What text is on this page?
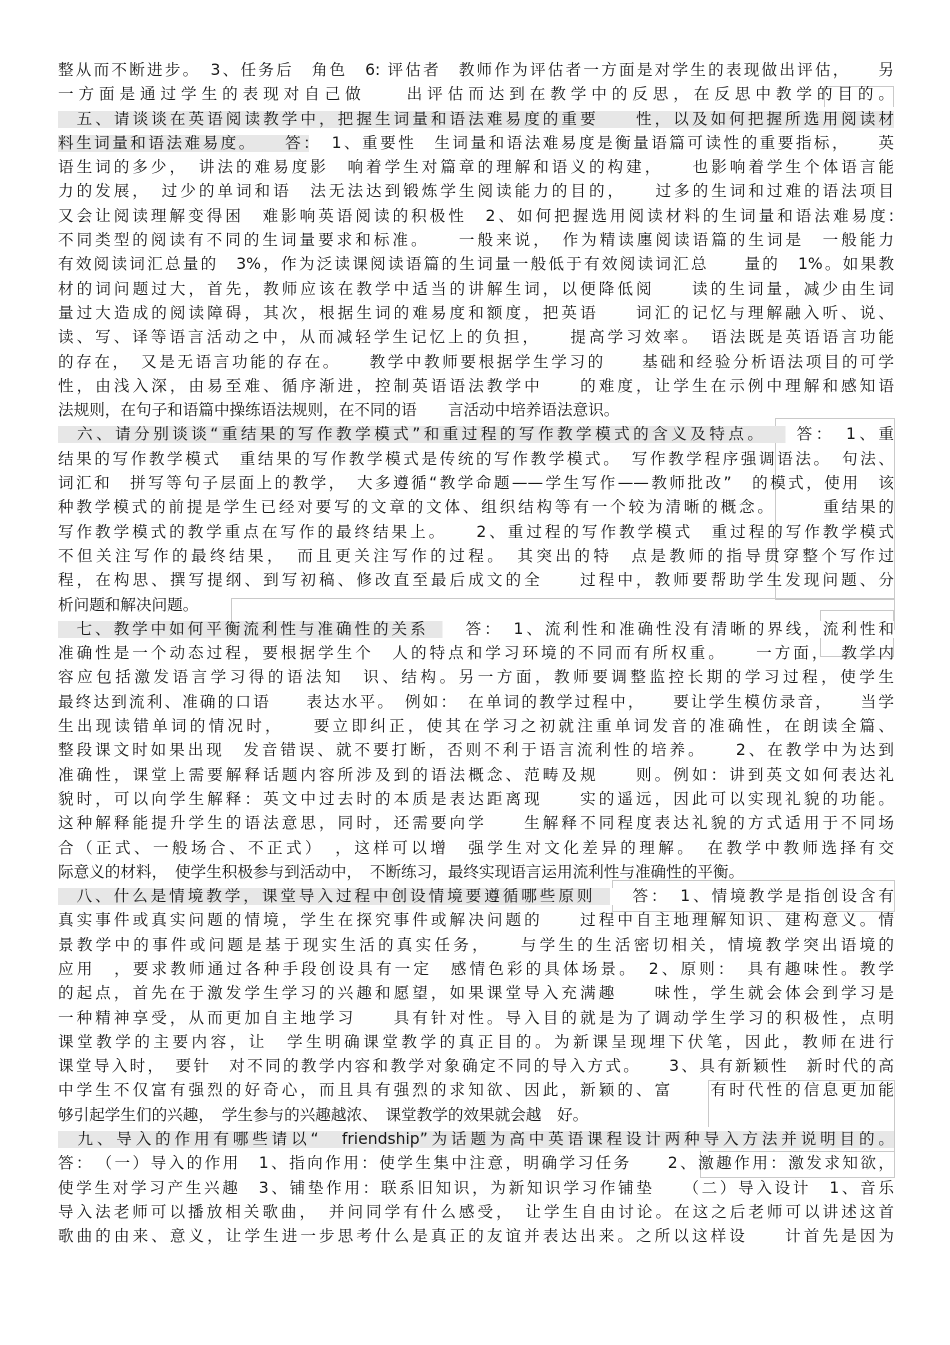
整从而不断进步。　3、任务后　角色　6: 评估者　教师作为评估者一方面是对学生的表现做出评估，　　另
一方面是通过学生的表现对自己做　　出评估而达到在教学中的反思，在反思中教学的目的。
　五、请谈谈在英语阅读教学中，把握生词量和语法难易度的重要　　性，以及如何把握所选用阅读材
料生词量和语法难易度。　　答：　1、重要性　生词量和语法难易度是衡量语篇可读性的重要指标，　　英
语生词的多少，　讲法的难易度影　响着学生对篇章的理解和语义的构建，　　也影响着学生个体语言能
力的发展，　过少的单词和语　法无法达到锻炼学生阅读能力的目的，　　过多的生词和过难的语法项目
又会让阅读理解变得困　难影响英语阅读的积极性　2、如何把握选用阅读材料的生词量和语法难易度:
不同类型的阅读有不同的生词量要求和标准。　　一般来说，　作为精读廛阅读语篇的生词是　一般能力
有效阅读词汇总量的　3%，作为泛读课阅读语篇的生词量一般低于有效阅读词汇总　　量的　1%。如果教
材的词问题过大，首先，教师应该在教学中适当的讲解生词，以便降低阅　　读的生词量，减少由生词
量过大造成的阅读障碍，其次，根据生词的难易度和额度，把英语　　词汇的记忆与理解融入听、说、
读、写、译等语言活动之中，从而减轻学生记忆上的负担，　　提高学习效率。　语法既是英语语言功能
的存在，　又是无语言功能的存在。　　教学中教师要根据学生学习的　　基础和经验分析语法项目的可学
性，由浅入深，由易至难、循序渐进，控制英语语法教学中　　的难度，让学生在示例中理解和感知语
法规则，在句子和语篇中操练语法规则，在不同的语　　言活动中培养语法意识。
　六、请分别谈谈“重结果的写作教学模式”和重过程的写作教学模式的含义及特点。　　答：　1、重
结果的写作教学模式　重结果的写作教学模式是传统的写作教学模式。　写作教学程序强调语法。　句法、
词汇和　拼写等句子层面上的教学，　大多遵循“教学命题——学生写作——教师批改”　的模式，使用　该
种教学模式的前提是学生已经对要写的文章的文体、组织结构等有一个较为清晰的概念。　　　重结果的
写作教学模式的教学重点在写作的最终结果上。　　2、重过程的写作教学模式　重过程的写作教学模式
不但关注写作的最终结果，　而且更关注写作的过程。　其突出的特　点是教师的指导贯穿整个写作过
程，在构思、撰写提纲、到写初稿、修改直至最后成文的全　　过程中，教师要帮助学生发现问题、分
析问题和解决问题。
　七、教学中如何平衡流利性与准确性的关系　　答：　1、流利性和准确性没有清晰的界线，流利性和
准确性是一个动态过程，要根据学生个　人的特点和学习环境的不同而有所权重。　　一方面，　教学内
容应包括激发语言学习得的语法知　识、结构。另一方面，教师要调整监控长期的学习过程，使学生
最终达到流利、准确的口语　　表达水平。　例如：　在单词的教学过程中，　　要让学生模仿录音，　　当学
生出现读错单词的情况时，　　要立即纠正，使其在学习之初就注重单词发音的准确性，在朗读全篇、
整段课文时如果出现　发音错误、就不要打断，否则不利于语言流利性的培养。　　2、在教学中为达到
准确性，课堂上需要解释话题内容所涉及到的语法概念、范畴及规　　则。例如：讲到英文如何表达礼
貌时，可以向学生解释：英文中过去时的本质是表达距离现　　实的遥远，因此可以实现礼貌的功能。
这种解释能提升学生的语法意思，同时，还需要向学　　生解释不同程度表达礼貌的方式适用于不同场
合（正式、一般场合、不正式）　，这样可以增　强学生对文化差异的理解。　在教学中教师选择有交
际意义的材料，　使学生积极参与到活动中，　不断练习，最终实现语言运用流利性与准确性的平衡。
　八、什么是情境教学，课堂导入过程中创设情境要遵循哪些原则　　答：　1、情境教学是指创设含有
真实事件或真实问题的情境，学生在探究事件或解决问题的　　过程中自主地理解知识、建构意义。情
景教学中的事件或问题是基于现实生活的真实任务，　　与学生的生活密切相关，情境教学突出语境的
应用　，要求教师通过各种手段创设具有一定　感情色彩的具体场景。　2、原则：　具有趣味性。教学
的起点，首先在于激发学生学习的兴趣和愿望，如果课堂导入充满趣　　味性，学生就会体会到学习是
一种精神享受，从而更加自主地学习　　具有针对性。导入目的就是为了调动学生学习的积极性，点明
课堂教学的主要内容，让　学生明确课堂教学的真正目的。为新课呈现埋下伏笔，因此，教师在进行
课堂导入时，　要针　对不同的教学内容和教学对象确定不同的导入方式。　　3、具有新颖性　新时代的高
中学生不仅富有强烈的好奇心，而且具有强烈的求知欲、因此，新颖的、富　　有时代性的信息更加能
够引起学生们的兴趣，　学生参与的兴趣越浓、　课堂教学的效果就会越　好。
　九、导入的作用有哪些请以“　friendship”为话题为高中英语课程设计两种导入方法并说明目的。
答：　（一）导入的作用　1、指向作用：使学生集中注意，明确学习任务　　2、激趣作用：激发求知欲，
使学生对学习产生兴趣　3、铺垫作用：联系旧知识，为新知识学习作铺垫　　（二）导入设计　1、音乐
导入法老师可以播放相关歌曲，　并问同学有什么感受，　让学生自由讨论。在这之后老师可以讲述这首
歌曲的由来、意义，让学生进一步思考什么是真正的友谊并表达出来。之所以这样设　　计首先是因为
